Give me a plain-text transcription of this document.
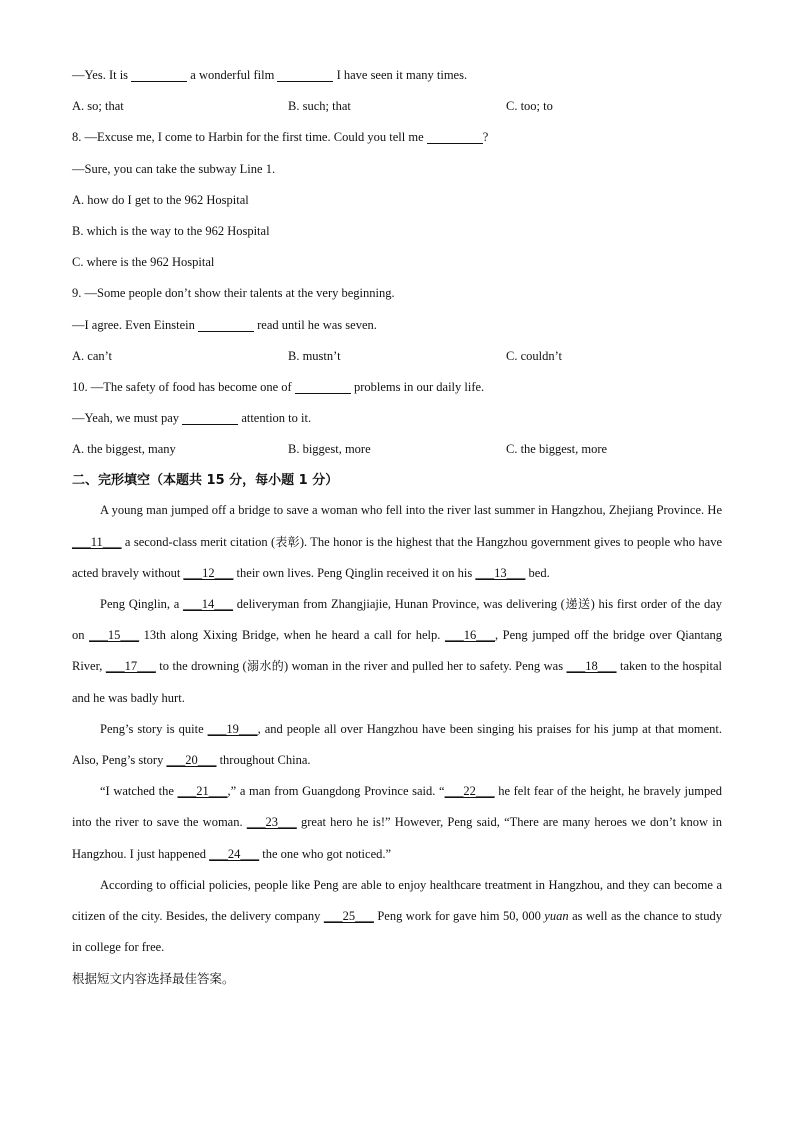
—Yes. It is	a wonderful film	I have seen it many times.
A. so; that	B. such; that	C. too; to
8. —Excuse me, I come to Harbin for the first time. Could you tell me	?
—Sure, you can take the subway Line 1.
A. how do I get to the 962 Hospital
B. which is the way to the 962 Hospital
C. where is the 962 Hospital
9. —Some people don’t show their talents at the very beginning.
—I agree. Even Einstein	read until he was seven.
A. can’t	B. mustn’t	C. couldn’t
10. —The safety of food has become one of	problems in our daily life.
—Yeah, we must pay	attention to it.
A. the biggest, many	B. biggest, more	C. the biggest, more
二、完形填空（本题共 15 分，每小题 1 分）

A young man jumped off a bridge to save a woman who fell into the river last summer in Hangzhou, Zhejiang Province. He ___11___ a second-class merit citation (表彰). The honor is the highest that the Hangzhou government gives to people who have acted bravely without ___12___ their own lives. Peng Qinglin received it on his ___13___ bed.

Peng Qinglin, a ___14___ deliveryman from Zhangjiajie, Hunan Province, was delivering (递送) his first order of the day on ___15___ 13th along Xixing Bridge, when he heard a call for help. ___16___, Peng jumped off the bridge over Qiantang River, ___17___ to the drowning (溺水的) woman in the river and pulled her to safety. Peng was ___18___ taken to the hospital and he was badly hurt.

Peng’s story is quite ___19___, and people all over Hangzhou have been singing his praises for his jump at that moment. Also, Peng’s story ___20___ throughout China.

“I watched the ___21___,” a man from Guangdong Province said. “___22___ he felt fear of the height, he bravely jumped into the river to save the woman. ___23___ great hero he is!” However, Peng said, “There are many heroes we don’t know in Hangzhou. I just happened ___24___ the one who got noticed.”

According to official policies, people like Peng are able to enjoy healthcare treatment in Hangzhou, and they can become a citizen of the city. Besides, the delivery company ___25___ Peng work for gave him 50, 000 yuan as well as the chance to study in college for free.

根据短文内容选择最佳答案。
